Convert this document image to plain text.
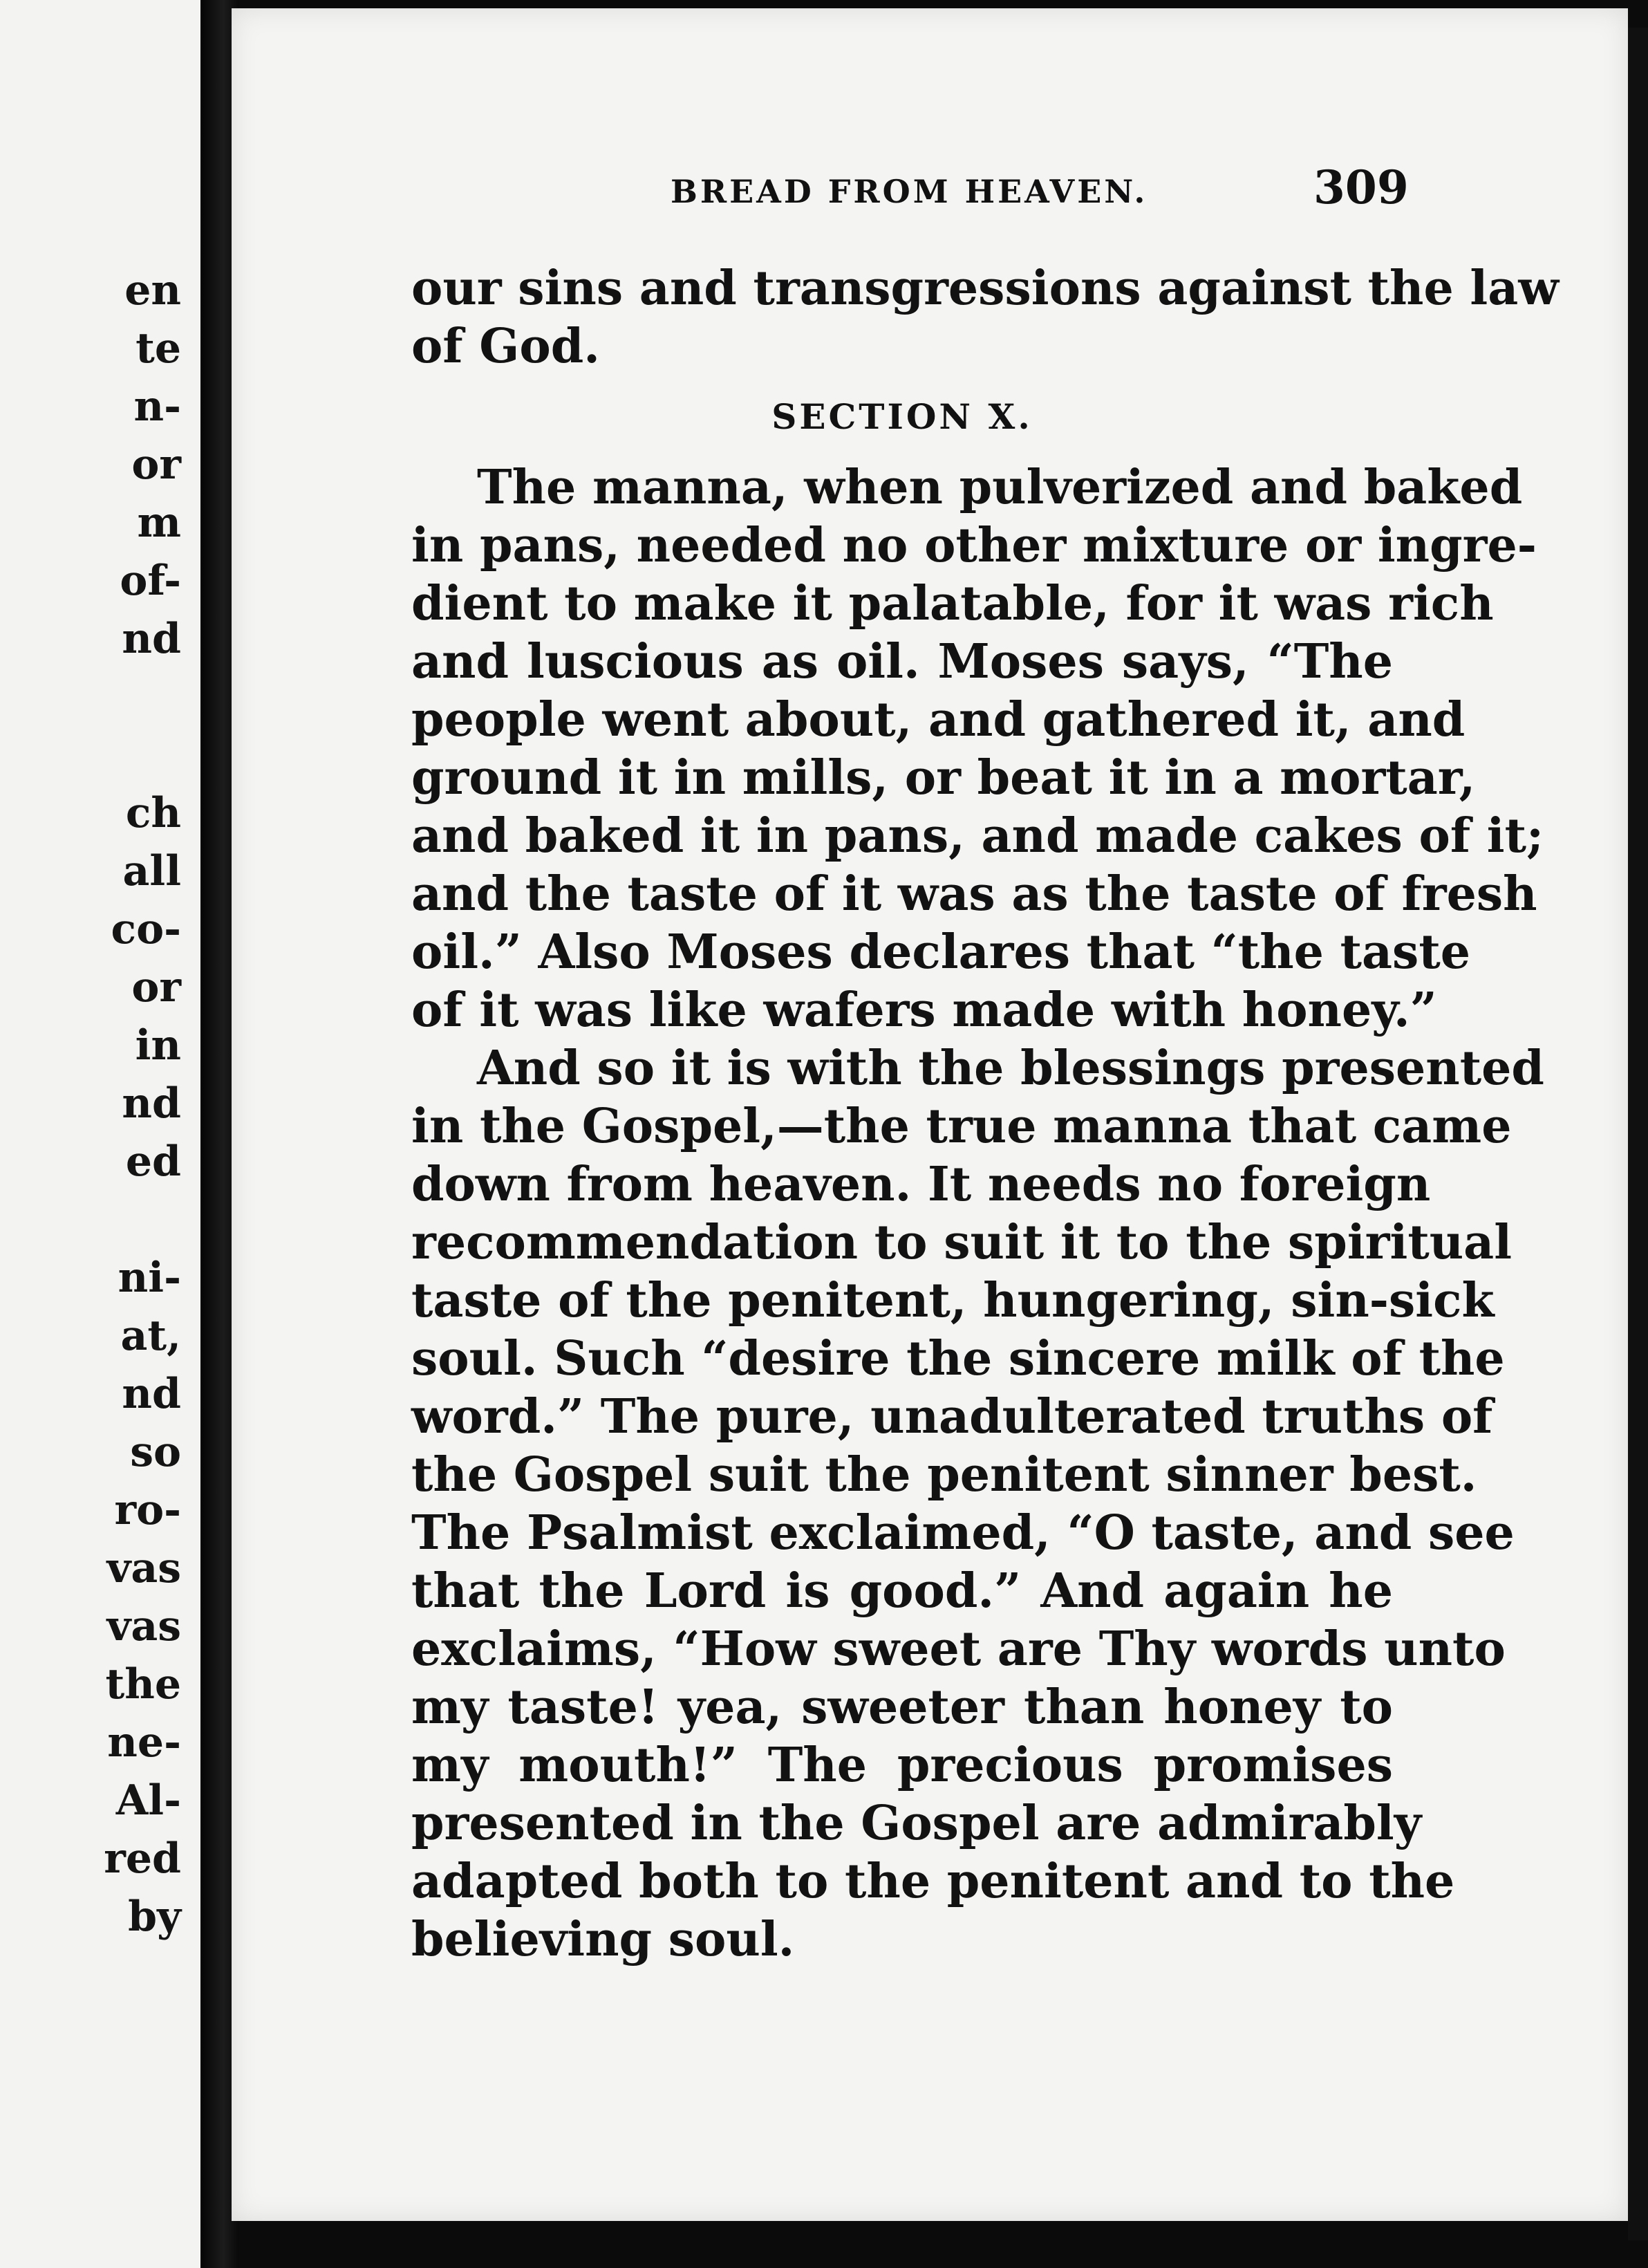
en
te
n-
or
m
of-
nd
ch
all
co-
or
in
nd
ed
ni-
at,
nd
so
ro-
vas
vas
the
ne-
Al-
red
by
BREAD FROM HEAVEN.	309
our sins and transgressions against the law
of God.
SECTION X.
The manna, when pulverized and baked
in pans, needed no other mixture or ingre-
dient to make it palatable, for it was rich
and luscious as oil. Moses says, “The
people went about, and gathered it, and
ground it in mills, or beat it in a mortar,
and baked it in pans, and made cakes of it;
and the taste of it was as the taste of fresh
oil.” Also Moses declares that “the taste
of it was like wafers made with honey.”
And so it is with the blessings presented
in the Gospel,—the true manna that came
down from heaven. It needs no foreign
recommendation to suit it to the spiritual
taste of the penitent, hungering, sin-sick
soul. Such “desire the sincere milk of the
word.” The pure, unadulterated truths of
the Gospel suit the penitent sinner best.
The Psalmist exclaimed, “O taste, and see
that the Lord is good.” And again he
exclaims, “How sweet are Thy words unto
my taste! yea, sweeter than honey to
my mouth!” The precious promises
presented in the Gospel are admirably
adapted both to the penitent and to the
believing soul.
